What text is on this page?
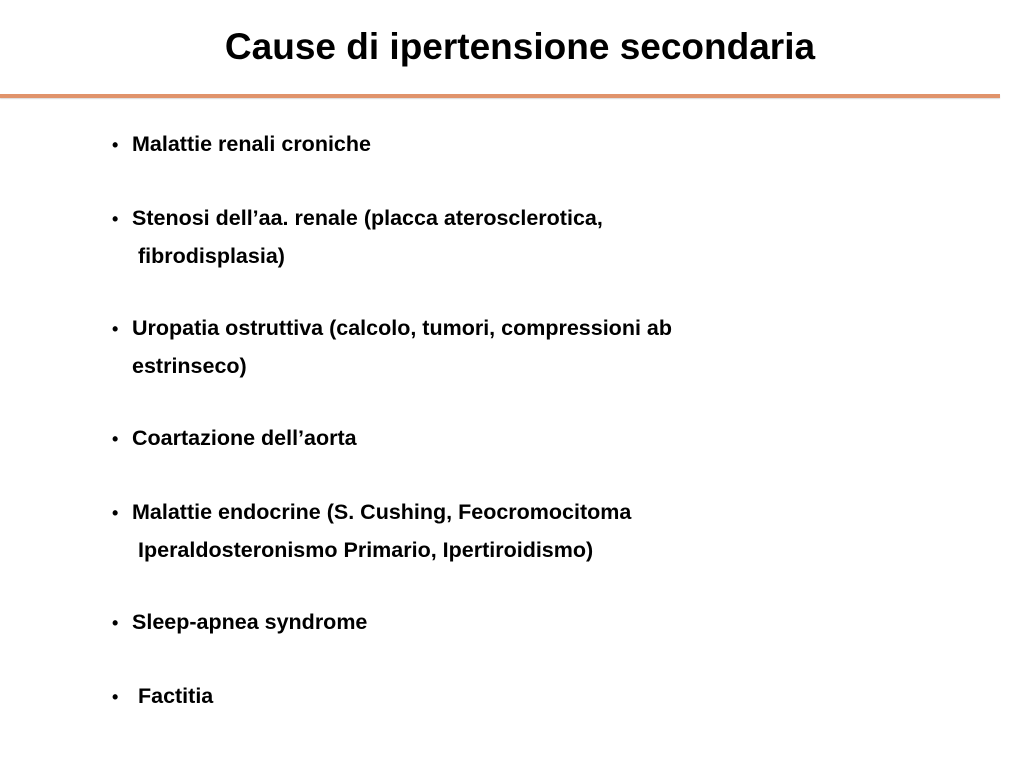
Cause di ipertensione secondaria
• Malattie renali croniche
• Stenosi dell’aa. renale (placca aterosclerotica,
fibrodisplasia)
• Uropatia ostruttiva (calcolo, tumori, compressioni ab
estrinseco)
• Coartazione dell’aorta
• Malattie endocrine (S. Cushing, Feocromocitoma
Iperaldosteronismo Primario, Ipertiroidismo)
• Sleep-apnea syndrome
• Factitia
